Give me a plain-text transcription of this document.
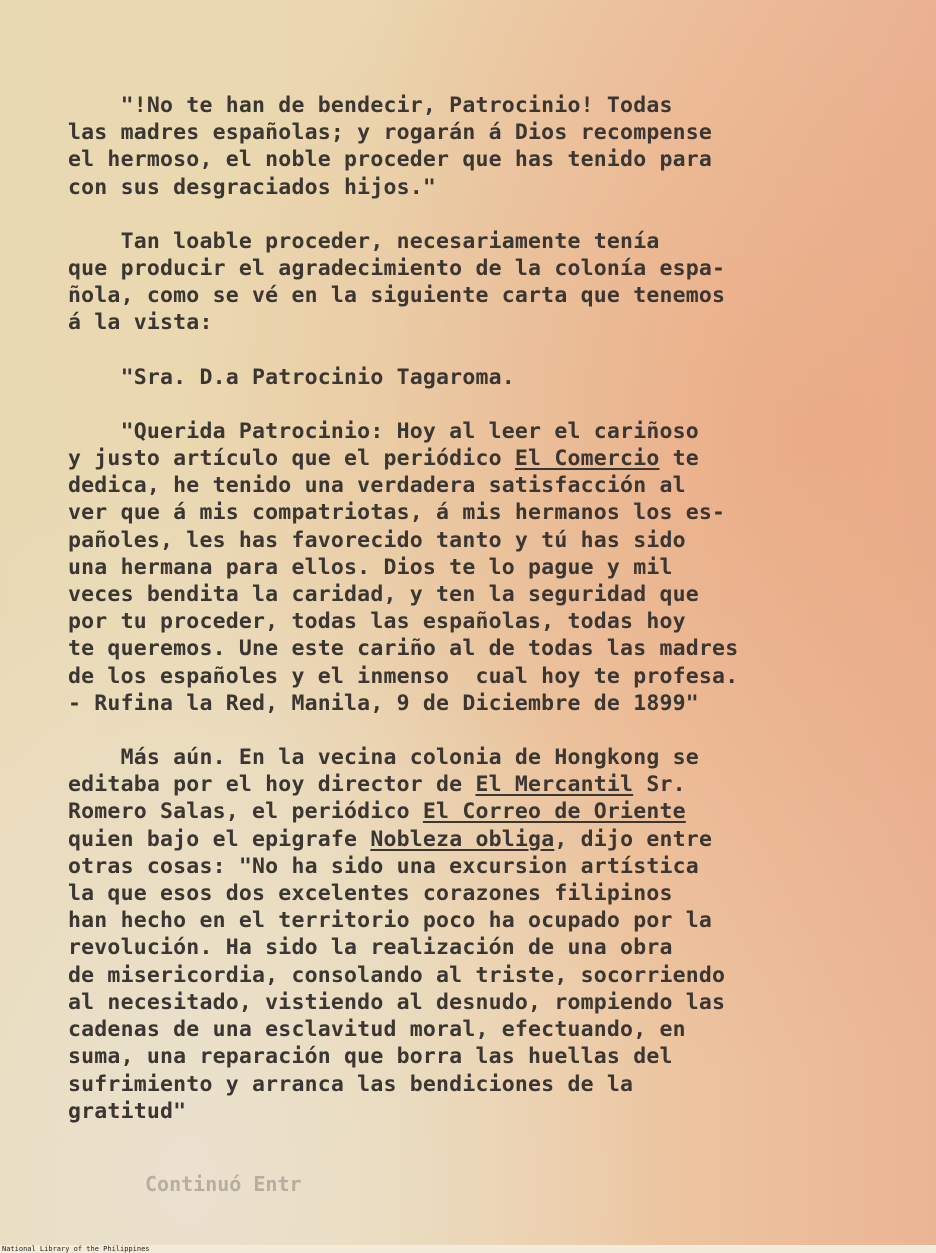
"!No te han de bendecir, Patrocinio! Todas
las madres españolas; y rogarán á Dios recompense
el hermoso, el noble proceder que has tenido para
con sus desgraciados hijos."
Tan loable proceder, necesariamente tenía
que producir el agradecimiento de la colonía espa-
ñola, como se vé en la siguiente carta que tenemos
á la vista:
"Sra. D.a Patrocinio Tagaroma.
"Querida Patrocinio: Hoy al leer el cariñoso
y justo artículo que el periódico El Comercio te
dedica, he tenido una verdadera satisfacción al
ver que á mis compatriotas, á mis hermanos los es-
pañoles, les has favorecido tanto y tú has sido
una hermana para ellos. Dios te lo pague y mil
veces bendita la caridad, y ten la seguridad que
por tu proceder, todas las españolas, todas hoy
te queremos. Une este cariño al de todas las madres
de los españoles y el inmenso  cual hoy te profesa.
- Rufina la Red, Manila, 9 de Diciembre de 1899"
Más aún. En la vecina colonia de Hongkong se
editaba por el hoy director de El Mercantil Sr.
Romero Salas, el periódico El Correo de Oriente
quien bajo el epigrafe Nobleza obliga, dijo entre
otras cosas: "No ha sido una excursion artística
la que esos dos excelentes corazones filipinos
han hecho en el territorio poco ha ocupado por la
revolución. Ha sido la realización de una obra
de misericordia, consolando al triste, socorriendo
al necesitado, vistiendo al desnudo, rompiendo las
cadenas de una esclavitud moral, efectuando, en
suma, una reparación que borra las huellas del
sufrimiento y arranca las bendiciones de la
gratitud"
Continuó Entr
National Library of the Philippines
